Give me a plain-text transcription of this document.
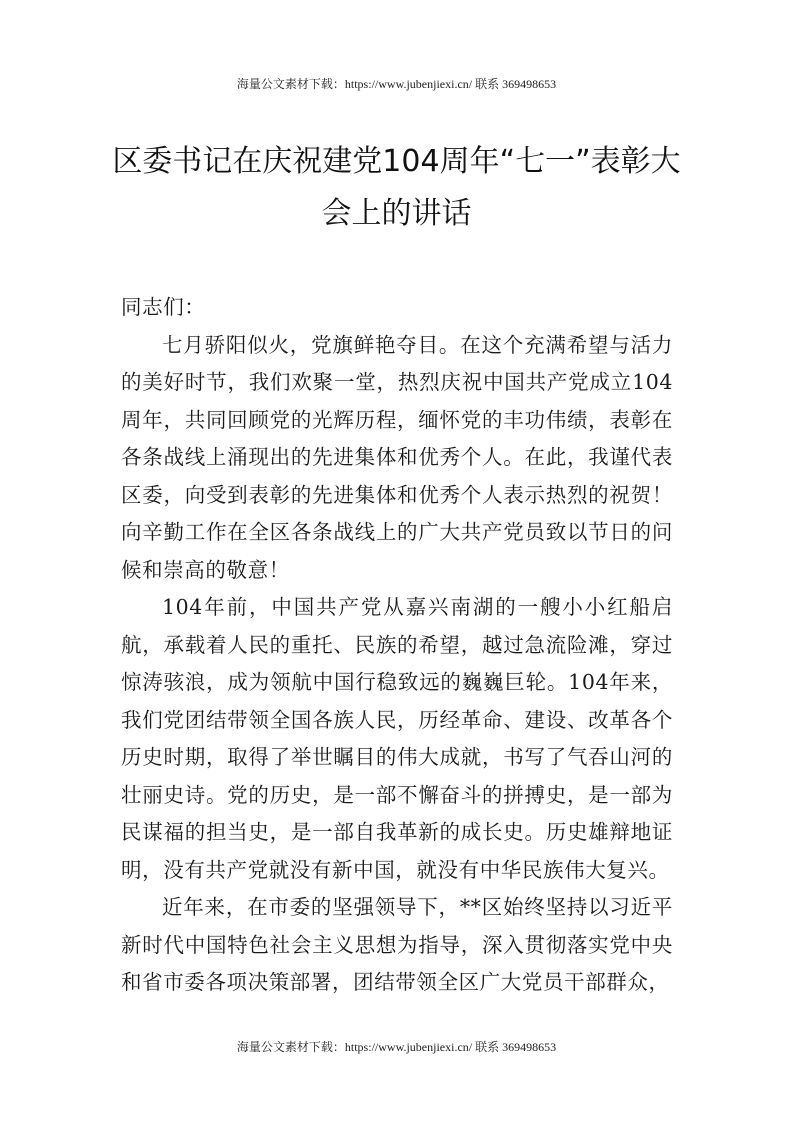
海量公文素材下载：https://www.jubenjiexi.cn/ 联系 369498653
区委书记在庆祝建党104周年“七一”表彰大会上的讲话

同志们：

七月骄阳似火，党旗鲜艳夺目。在这个充满希望与活力的美好时节，我们欢聚一堂，热烈庆祝中国共产党成立104周年，共同回顾党的光辉历程，缅怀党的丰功伟绩，表彰在各条战线上涌现出的先进集体和优秀个人。在此，我谨代表区委，向受到表彰的先进集体和优秀个人表示热烈的祝贺！向辛勤工作在全区各条战线上的广大共产党员致以节日的问候和崇高的敬意！

104年前，中国共产党从嘉兴南湖的一艘小小红船启航，承载着人民的重托、民族的希望，越过急流险滩，穿过惊涛骇浪，成为领航中国行稳致远的巍巍巨轮。104年来，我们党团结带领全国各族人民，历经革命、建设、改革各个历史时期，取得了举世瞩目的伟大成就，书写了气吞山河的壮丽史诗。党的历史，是一部不懈奋斗的拼搏史，是一部为民谋福的担当史，是一部自我革新的成长史。历史雄辩地证明，没有共产党就没有新中国，就没有中华民族伟大复兴。

近年来，在市委的坚强领导下，**区始终坚持以习近平新时代中国特色社会主义思想为指导，深入贯彻落实党中央和省市委各项决策部署，团结带领全区广大党员干部群众，

海量公文素材下载：https://www.jubenjiexi.cn/ 联系 369498653
